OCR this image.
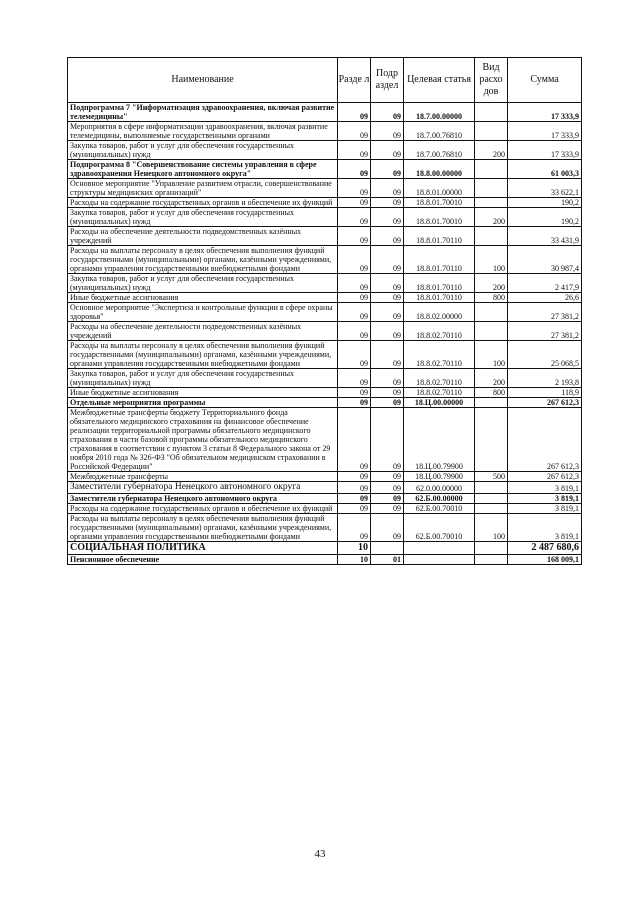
Наименование	Разде л	Подр аздел	Целевая статья	Вид расхо дов	Сумма
Подпрограмма 7 "Информатизация здравоохранения, включая развитие телемедицины"	09	09	18.7.00.00000		17 333,9
Мероприятия в сфере информатизации здравоохранения, включая развитие телемедицины, выполняемые государственными органами	09	09	18.7.00.76810		17 333,9
Закупка товаров, работ и услуг для обеспечения государственных (муниципальных) нужд	09	09	18.7.00.76810	200	17 333,9
Подпрограмма 8 "Совершенствование системы управления в сфере здравоохранения Ненецкого автономного округа"	09	09	18.8.00.00000		61 003,3
Основное мероприятие "Управление развитием отрасли, совершенствование структуры медицинских организаций"	09	09	18.8.01.00000		33 622,1
Расходы на содержание государственных органов и обеспечение их функций	09	09	18.8.01.70010		190,2
Закупка товаров, работ и услуг для обеспечения государственных (муниципальных) нужд	09	09	18.8.01.70010	200	190,2
Расходы на обеспечение деятельности подведомственных казённых учреждений	09	09	18.8.01.70110		33 431,9
Расходы на выплаты персоналу в целях обеспечения выполнения функций государственными (муниципальными) органами, казёнными учреждениями, органами управления государственными внебюджетными фондами	09	09	18.8.01.70110	100	30 987,4
Закупка товаров, работ и услуг для обеспечения государственных (муниципальных) нужд	09	09	18.8.01.70110	200	2 417,9
Иные бюджетные ассигнования	09	09	18.8.01.70110	800	26,6
Основное мероприятие "Экспертиза и контрольные функции в сфере охраны здоровья"	09	09	18.8.02.00000		27 381,2
Расходы на обеспечение деятельности подведомственных казённых учреждений	09	09	18.8.02.70110		27 381,2
Расходы на выплаты персоналу в целях обеспечения выполнения функций государственными (муниципальными) органами, казёнными учреждениями, органами управления государственными внебюджетными фондами	09	09	18.8.02.70110	100	25 068,5
Закупка товаров, работ и услуг для обеспечения государственных (муниципальных) нужд	09	09	18.8.02.70110	200	2 193,8
Иные бюджетные ассигнования	09	09	18.8.02.70110	800	118,9
Отдельные мероприятия программы	09	09	18.Ц.00.00000		267 612,3
Межбюджетные трансферты бюджету Территориального фонда обязательного медицинского страхования на финансовое обеспечение реализации территориальной программы обязательного медицинского страхования в части базовой программы обязательного медицинского страхования в соответствии с пунктом 3 статьи 8 Федерального закона от 29 ноября 2010 года № 326-ФЗ "Об обязательном медицинском страховании в Российской Федерации"	09	09	18.Ц.00.79900		267 612,3
Межбюджетные трансферты	09	09	18.Ц.00.79900	500	267 612,3
Заместители губернатора Ненецкого автономного округа	09	09	62.0.00.00000		3 819,1
Заместители губернатора Ненецкого автономного округа	09	09	62.Б.00.00000		3 819,1
Расходы на содержание государственных органов и обеспечение их функций	09	09	62.Б.00.70010		3 819,1
Расходы на выплаты персоналу в целях обеспечения выполнения функций государственными (муниципальными) органами, казёнными учреждениями, органами управления государственными внебюджетными фондами	09	09	62.Б.00.70010	100	3 819,1
СОЦИАЛЬНАЯ ПОЛИТИКА	10				2 487 680,6
Пенсионное обеспечение	10	01			168 009,1
43
